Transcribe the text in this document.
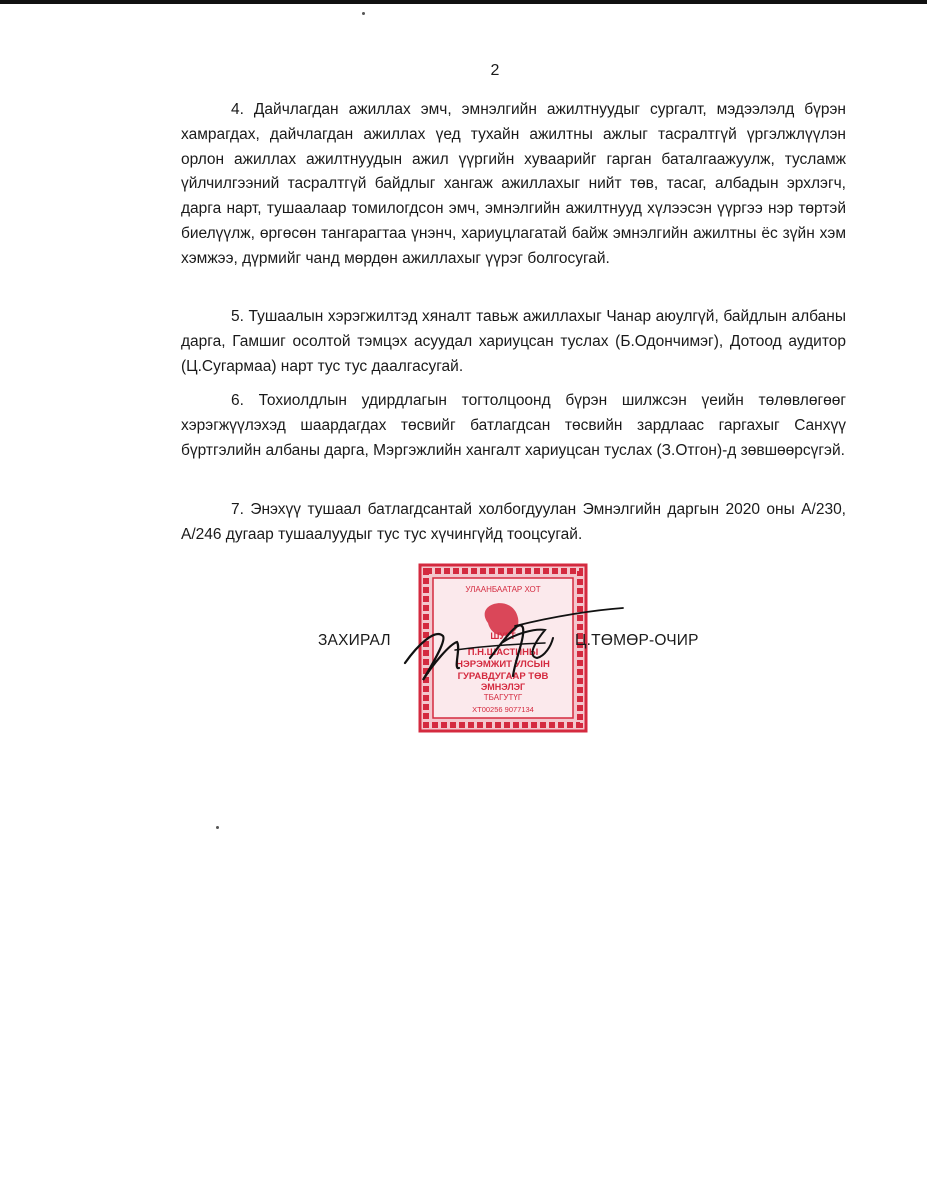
2

4. Дайчлагдан ажиллах эмч, эмнэлгийн ажилтнуудыг сургалт, мэдээлэлд бүрэн хамрагдах, дайчлагдан ажиллах үед тухайн ажилтны ажлыг тасралтгүй үргэлжлүүлэн орлон ажиллах ажилтнуудын ажил үүргийн хуваарийг гарган баталгаажуулж, тусламж үйлчилгээний тасралтгүй байдлыг хангаж ажиллахыг нийт төв, тасаг, албадын эрхлэгч, дарга нарт, тушаалаар томилогдсон эмч, эмнэлгийн ажилтнууд хүлээсэн үүргээ нэр төртэй биелүүлж, өргөсөн тангарагтаа үнэнч, хариуцлагатай байж эмнэлгийн ажилтны ёс зүйн хэм хэмжээ, дүрмийг чанд мөрдөн ажиллахыг үүрэг болгосугай.

5. Тушаалын хэрэгжилтэд хяналт тавьж ажиллахыг Чанар аюулгүй, байдлын албаны дарга, Гамшиг осолтой тэмцэх асуудал хариуцсан туслах (Б.Одончимэг), Дотоод аудитор (Ц.Сугармаа) нарт тус тус даалгасугай.

6. Тохиолдлын удирдлагын тогтолцоонд бүрэн шилжсэн үеийн төлөвлөгөөг хэрэгжүүлэхэд шаардагдах төсвийг батлагдсан төсвийн зардлаас гаргахыг Санхүү бүртгэлийн албаны дарга, Мэргэжлийн хангалт хариуцсан туслах (З.Отгон)-д зөвшөөрсүгэй.

7. Энэхүү тушаал батлагдсантай холбогдуулан Эмнэлгийн даргын 2020 оны А/230, А/246 дугаар тушаалуудыг тус тус хүчингүйд тооцсугай.

УЛААНБААТАР ХОТ
ШУГТ
П.Н.ШАСТИНЫ
НЭРЭМЖИТ УЛСЫН
ГУРАВДУГААР ТӨВ
ЭМНЭЛЭГ
ТБАГУТҮГ
ХТ00256 9077134
ЗАХИРАЛ	Ц.ТӨМӨР-ОЧИР
